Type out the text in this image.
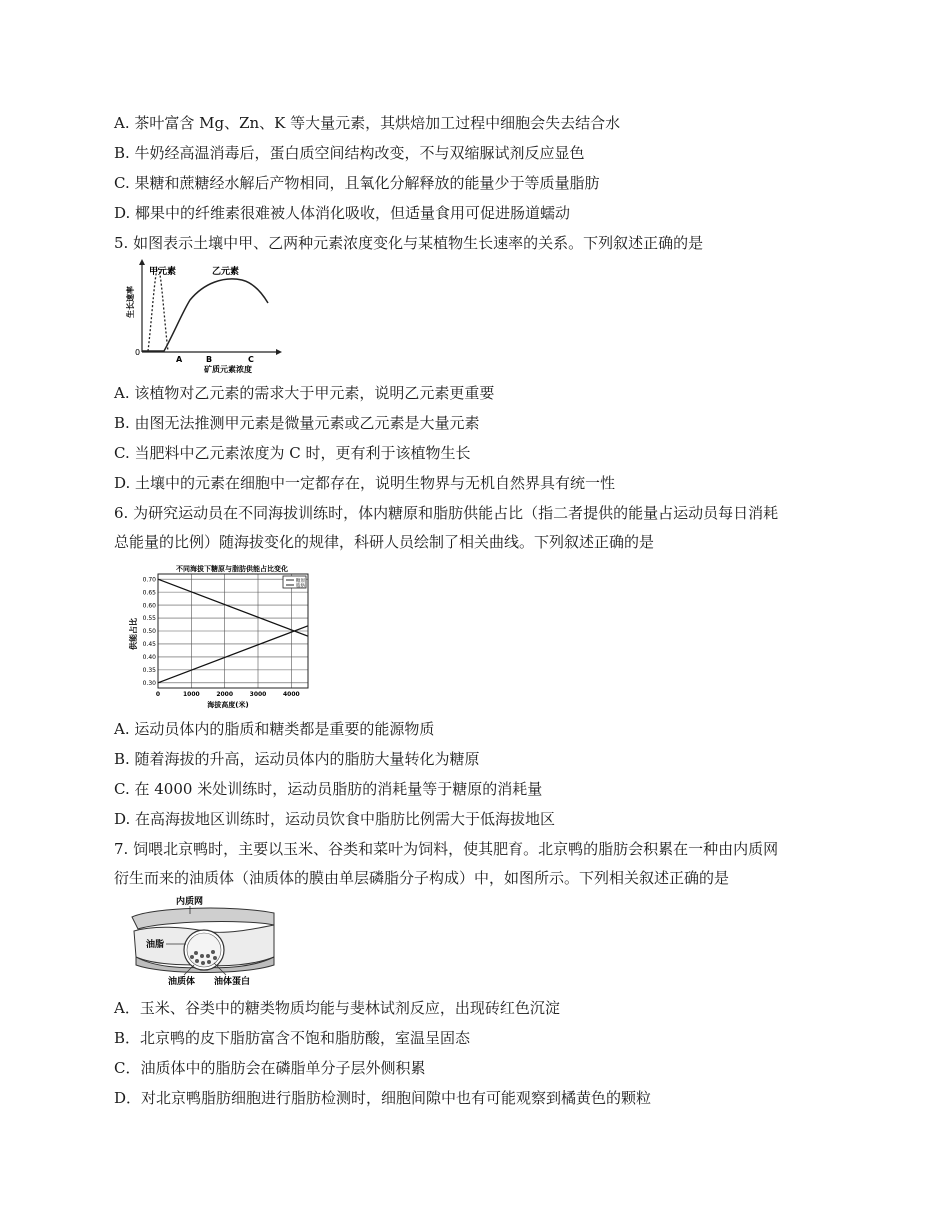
A. 茶叶富含 Mg、Zn、K 等大量元素，其烘焙加工过程中细胞会失去结合水
B. 牛奶经高温消毒后，蛋白质空间结构改变，不与双缩脲试剂反应显色
C. 果糖和蔗糖经水解后产物相同，且氧化分解释放的能量少于等质量脂肪
D. 椰果中的纤维素很难被人体消化吸收，但适量食用可促进肠道蠕动
5. 如图表示土壤中甲、乙两种元素浓度变化与某植物生长速率的关系。下列叙述正确的是
生长速率
甲元素	乙元素
0
A	B	C
矿质元素浓度
A. 该植物对乙元素的需求大于甲元素，说明乙元素更重要
B. 由图无法推测甲元素是微量元素或乙元素是大量元素
C. 当肥料中乙元素浓度为 C 时，更有利于该植物生长
D. 土壤中的元素在细胞中一定都存在，说明生物界与无机自然界具有统一性
6. 为研究运动员在不同海拔训练时，体内糖原和脂肪供能占比（指二者提供的能量占运动员每日消耗
总能量的比例）随海拔变化的规律，科研人员绘制了相关曲线。下列叙述正确的是
不同海拔下糖原与脂肪供能占比变化
0.30
0.35
0.40
0.45
0.50
0.55
0.60
0.65
0.70
0	1000	2000	3000	4000
糖原
脂肪
供能占比
海拔高度(米)
A. 运动员体内的脂质和糖类都是重要的能源物质
B. 随着海拔的升高，运动员体内的脂肪大量转化为糖原
C. 在 4000 米处训练时，运动员脂肪的消耗量等于糖原的消耗量
D. 在高海拔地区训练时，运动员饮食中脂肪比例需大于低海拔地区
7. 饲喂北京鸭时，主要以玉米、谷类和菜叶为饲料，使其肥育。北京鸭的脂肪会积累在一种由内质网
衍生而来的油质体（油质体的膜由单层磷脂分子构成）中，如图所示。下列相关叙述正确的是
内质网
油脂
油质体 油体蛋白
A．玉米、谷类中的糖类物质均能与斐林试剂反应，出现砖红色沉淀
B．北京鸭的皮下脂肪富含不饱和脂肪酸，室温呈固态
C．油质体中的脂肪会在磷脂单分子层外侧积累
D．对北京鸭脂肪细胞进行脂肪检测时，细胞间隙中也有可能观察到橘黄色的颗粒
